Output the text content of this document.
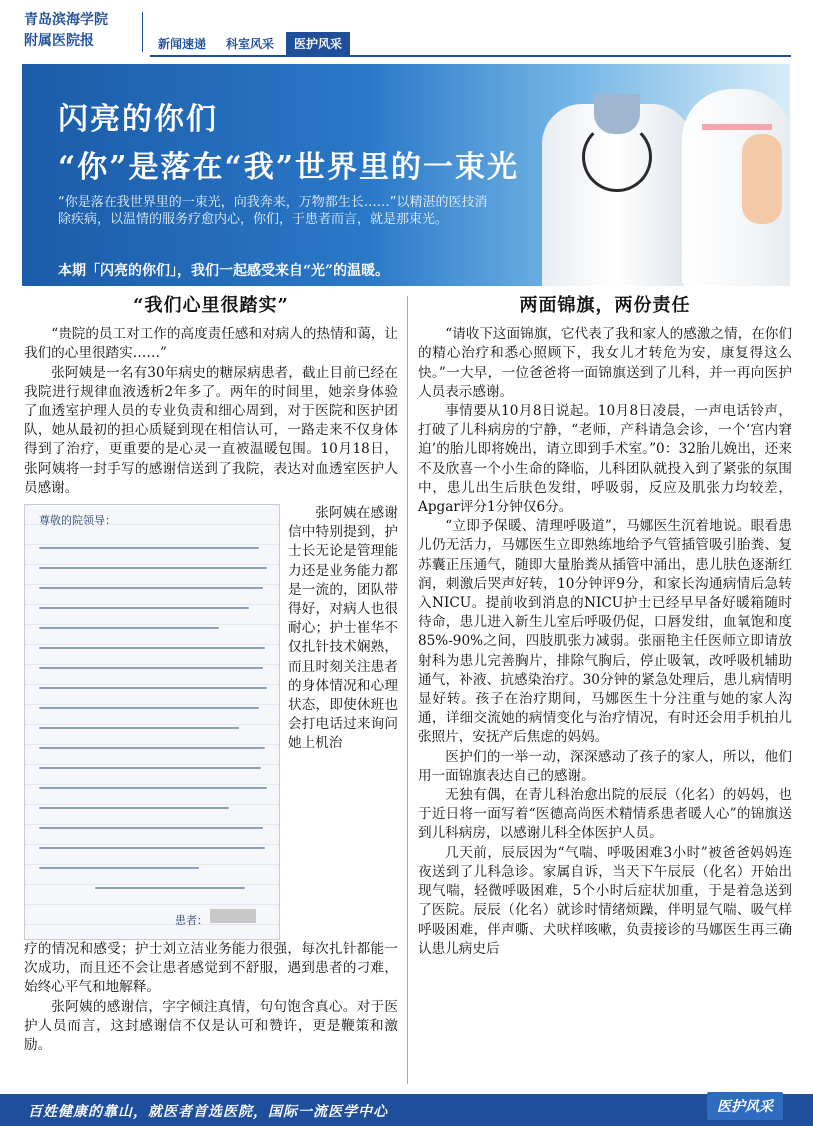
青岛滨海学院
附属医院报	新闻速递	科室风采	医护风采
闪亮的你们
“你”是落在“我”世界里的一束光
“你是落在我世界里的一束光，向我奔来，万物都生长……”以精湛的医技消除疾病，以温情的服务疗愈内心，你们，于患者而言，就是那束光。
本期「闪亮的你们」，我们一起感受来自“光”的温暖。
“我们心里很踏实”

“贵院的员工对工作的高度责任感和对病人的热情和蔼，让我们的心里很踏实……”

张阿姨是一名有30年病史的糖尿病患者，截止目前已经在我院进行规律血液透析2年多了。两年的时间里，她亲身体验了血透室护理人员的专业负责和细心周到，对于医院和医护团队，她从最初的担心质疑到现在相信认可，一路走来不仅身体得到了治疗，更重要的是心灵一直被温暖包围。10月18日，张阿姨将一封手写的感谢信送到了我院，表达对血透室医护人员感谢。

尊敬的院领导：
患者：

张阿姨在感谢信中特别提到，护士长无论是管理能力还是业务能力都是一流的，团队带得好，对病人也很耐心；护士崔华不仅扎针技术娴熟，而且时刻关注患者的身体情况和心理状态，即使休班也会打电话过来询问她上机治

疗的情况和感受；护士刘立洁业务能力很强，每次扎针都能一次成功，而且还不会让患者感觉到不舒服，遇到患者的刁难，始终心平气和地解释。

张阿姨的感谢信，字字倾注真情，句句饱含真心。对于医护人员而言，这封感谢信不仅是认可和赞许，更是鞭策和激励。

两面锦旗，两份责任

“请收下这面锦旗，它代表了我和家人的感激之情，在你们的精心治疗和悉心照顾下，我女儿才转危为安，康复得这么快。”一大早，一位爸爸将一面锦旗送到了儿科，并一再向医护人员表示感谢。

事情要从10月8日说起。10月8日凌晨，一声电话铃声，打破了儿科病房的宁静，“老师，产科请急会诊，一个‘宫内窘迫’的胎儿即将娩出，请立即到手术室。”0：32胎儿娩出，还来不及欣喜一个小生命的降临，儿科团队就投入到了紧张的氛围中，患儿出生后肤色发绀，呼吸弱，反应及肌张力均较差，Apgar评分1分钟仅6分。

“立即予保暖、清理呼吸道”，马娜医生沉着地说。眼看患儿仍无活力，马娜医生立即熟练地给予气管插管吸引胎粪、复苏囊正压通气，随即大量胎粪从插管中涌出，患儿肤色逐渐红润，刺激后哭声好转，10分钟评9分，和家长沟通病情后急转入NICU。提前收到消息的NICU护士已经早早备好暖箱随时待命，患儿进入新生儿室后呼吸仍促，口唇发绀，血氧饱和度85%-90%之间，四肢肌张力减弱。张丽艳主任医师立即请放射科为患儿完善胸片，排除气胸后，停止吸氧，改呼吸机辅助通气，补液、抗感染治疗。30分钟的紧急处理后，患儿病情明显好转。孩子在治疗期间，马娜医生十分注重与她的家人沟通，详细交流她的病情变化与治疗情况，有时还会用手机拍儿张照片，安抚产后焦虑的妈妈。

医护们的一举一动，深深感动了孩子的家人，所以，他们用一面锦旗表达自己的感谢。

无独有偶，在青儿科治愈出院的辰辰（化名）的妈妈，也于近日将一面写着“医德高尚医术精情系患者暖人心”的锦旗送到儿科病房，以感谢儿科全体医护人员。

几天前，辰辰因为“气喘、呼吸困难3小时”被爸爸妈妈连夜送到了儿科急诊。家属自诉，当天下午辰辰（化名）开始出现气喘，轻微呼吸困难，5个小时后症状加重，于是着急送到了医院。辰辰（化名）就诊时情绪烦躁，伴明显气喘、吸气样呼吸困难，伴声嘶、犬吠样咳嗽，负责接诊的马娜医生再三确认患儿病史后

百姓健康的靠山，就医者首选医院，国际一流医学中心	医护风采
